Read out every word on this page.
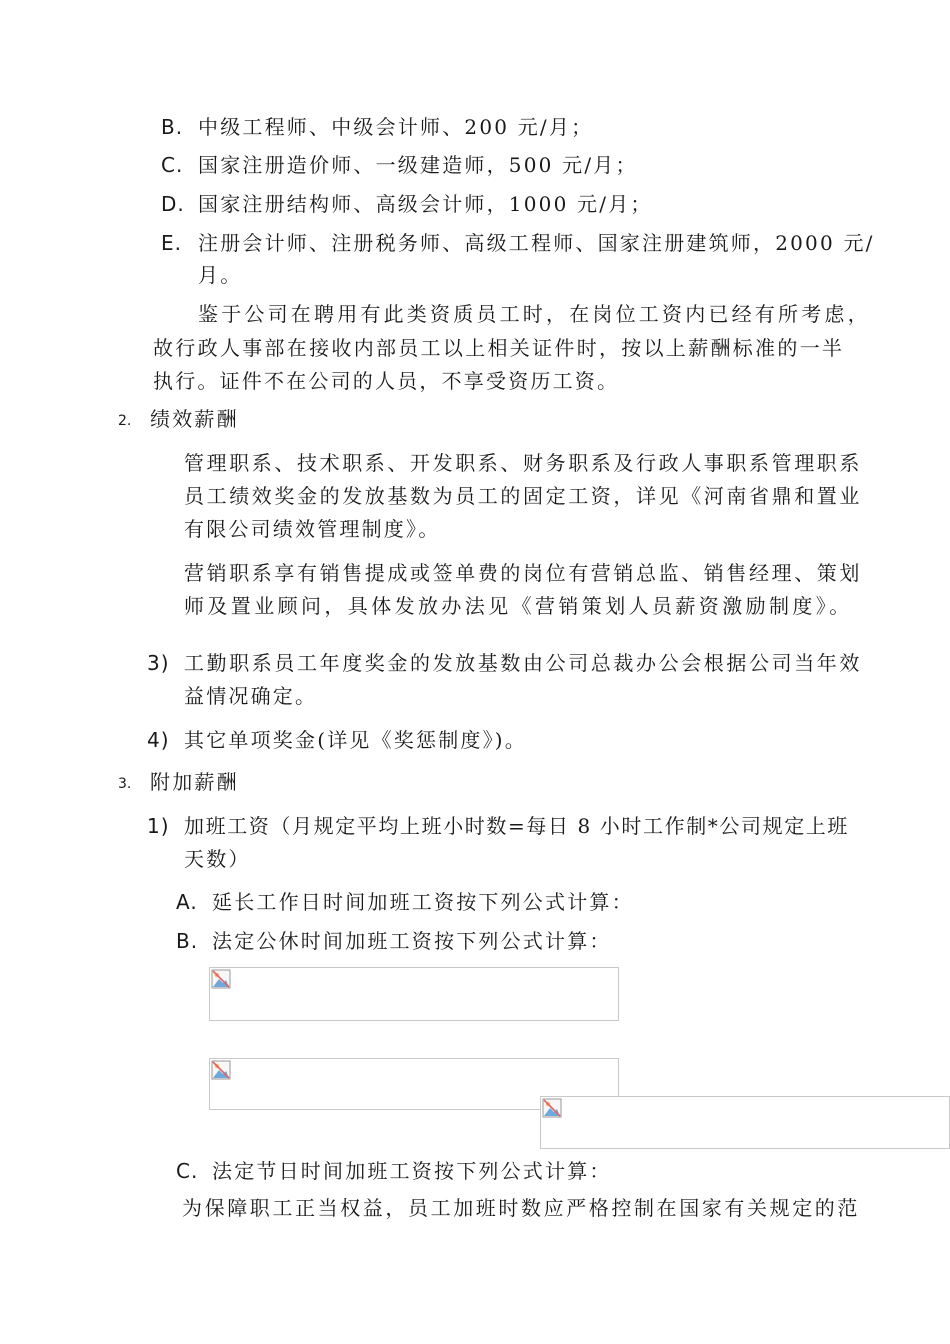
B. 中级工程师、中级会计师、200 元/月；
C. 国家注册造价师、一级建造师，500 元/月；
D. 国家注册结构师、高级会计师，1000 元/月；
E. 注册会计师、注册税务师、高级工程师、国家注册建筑师，2000 元/
月。
鉴于公司在聘用有此类资质员工时，在岗位工资内已经有所考虑，
故行政人事部在接收内部员工以上相关证件时，按以上薪酬标准的一半
执行。证件不在公司的人员，不享受资历工资。
2. 绩效薪酬
管理职系、技术职系、开发职系、财务职系及行政人事职系管理职系
员工绩效奖金的发放基数为员工的固定工资，详见《河南省鼎和置业
有限公司绩效管理制度》。
营销职系享有销售提成或签单费的岗位有营销总监、销售经理、策划
师及置业顾问，具体发放办法见《营销策划人员薪资激励制度》。
3) 工勤职系员工年度奖金的发放基数由公司总裁办公会根据公司当年效
益情况确定。
4) 其它单项奖金(详见《奖惩制度》)。
3. 附加薪酬
1) 加班工资（月规定平均上班小时数=每日 8 小时工作制*公司规定上班
天数）
A. 延长工作日时间加班工资按下列公式计算：
B. 法定公休时间加班工资按下列公式计算：
C. 法定节日时间加班工资按下列公式计算：
为保障职工正当权益，员工加班时数应严格控制在国家有关规定的范
